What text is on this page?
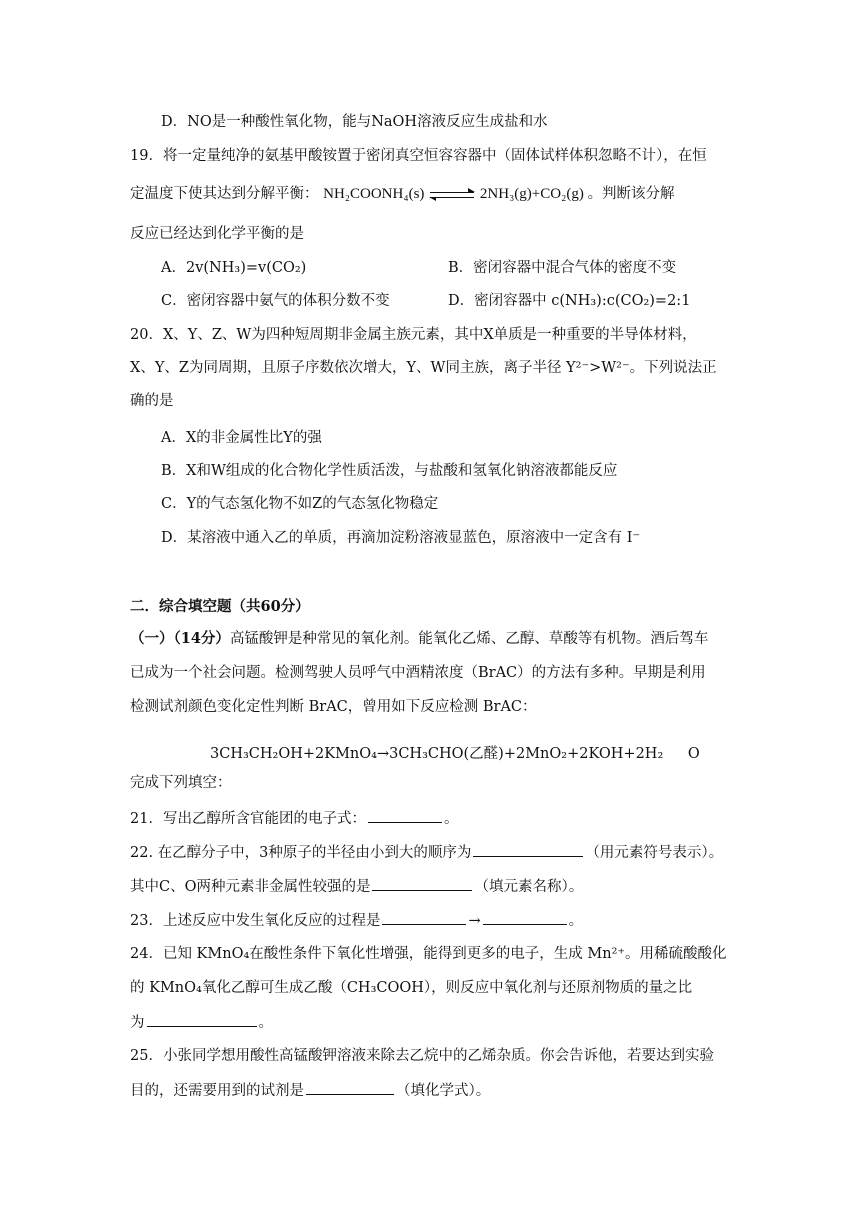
D．NO是一种酸性氧化物，能与NaOH溶液反应生成盐和水
19．将一定量纯净的氨基甲酸铵置于密闭真空恒容容器中（固体试样体积忽略不计），在恒
定温度下使其达到分解平衡： NH₂COONH₄(s) ⇌ 2NH₃(g)+CO₂(g) 。判断该分解
反应已经达到化学平衡的是
A．2v(NH₃)=v(CO₂)	B．密闭容器中混合气体的密度不变
C．密闭容器中氨气的体积分数不变	D．密闭容器中 c(NH₃):c(CO₂)=2:1
20．X、Y、Z、W为四种短周期非金属主族元素，其中X单质是一种重要的半导体材料，
X、Y、Z为同周期，且原子序数依次增大，Y、W同主族，离子半径 Y²⁻>W²⁻。下列说法正
确的是
A．X的非金属性比Y的强
B．X和W组成的化合物化学性质活泼，与盐酸和氢氧化钠溶液都能反应
C．Y的气态氢化物不如Z的气态氢化物稳定
D．某溶液中通入乙的单质，再滴加淀粉溶液显蓝色，原溶液中一定含有 I⁻
二．综合填空题（共60分）
（一）（14分）高锰酸钾是种常见的氧化剂。能氧化乙烯、乙醇、草酸等有机物。酒后驾车
已成为一个社会问题。检测驾驶人员呼气中酒精浓度（BrAC）的方法有多种。早期是利用
检测试剂颜色变化定性判断 BrAC，曾用如下反应检测 BrAC：
3CH₃CH₂OH+2KMnO₄→3CH₃CHO(乙醛)+2MnO₂+2KOH+2H₂ O
完成下列填空：
21．写出乙醇所含官能团的电子式：	。
22. 在乙醇分子中，3种原子的半径由小到大的顺序为	（用元素符号表示）。
其中C、O两种元素非金属性较强的是	（填元素名称）。
23．上述反应中发生氧化反应的过程是	→	。
24．已知 KMnO₄在酸性条件下氧化性增强，能得到更多的电子，生成 Mn²⁺。用稀硫酸酸化
的 KMnO₄氧化乙醇可生成乙酸（CH₃COOH），则反应中氧化剂与还原剂物质的量之比
为	。
25．小张同学想用酸性高锰酸钾溶液来除去乙烷中的乙烯杂质。你会告诉他，若要达到实验
目的，还需要用到的试剂是	（填化学式）。
